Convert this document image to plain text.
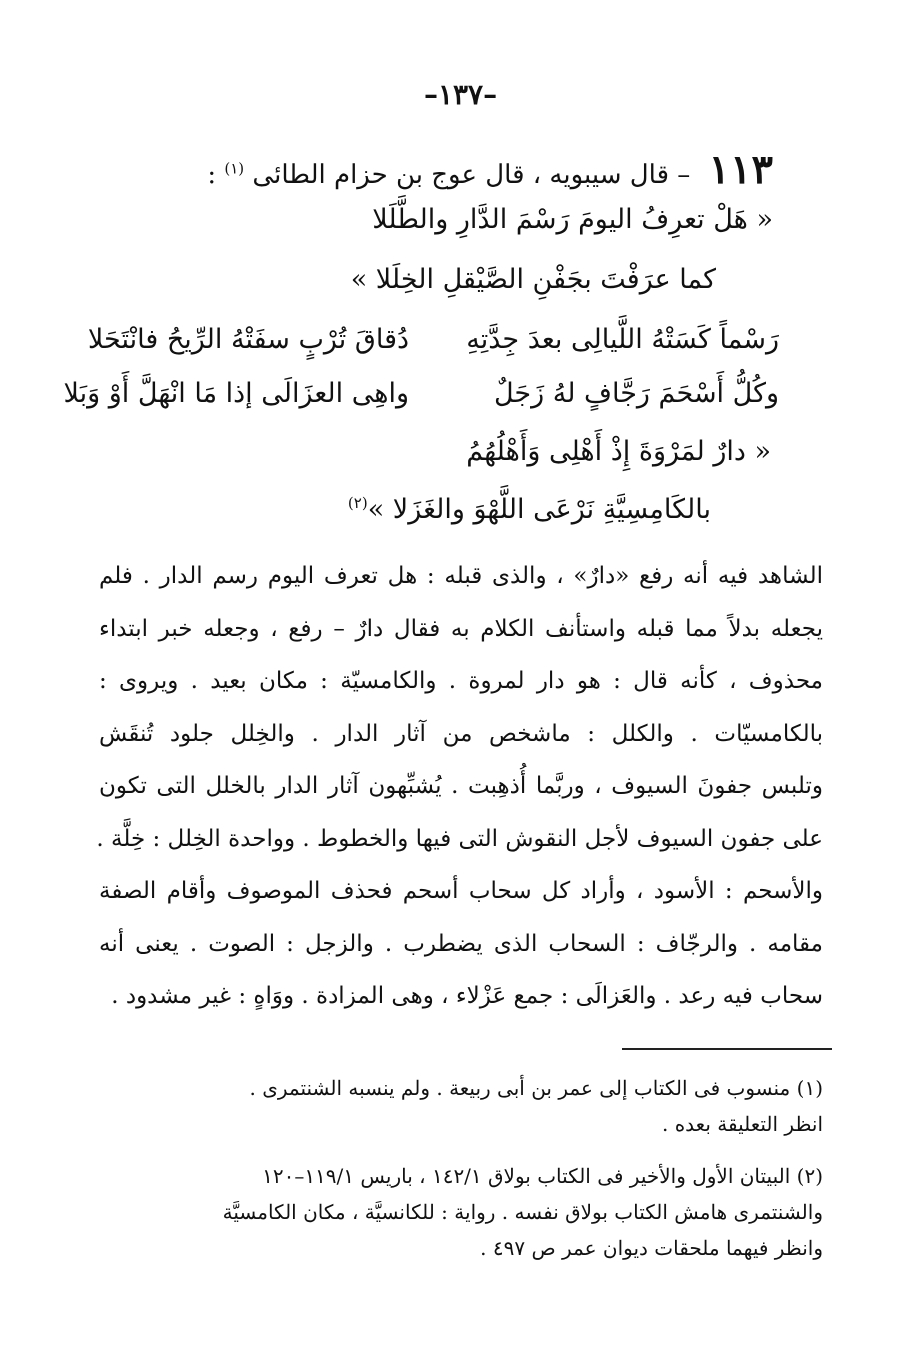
–١٣٧–
١١٣ – قال سيبويه ، قال عوج بن حزام الطائى $^{(١)}$ :
« هَلْ تعرِفُ اليومَ رَسْمَ الدَّارِ والطَّلَلا
كما عرَفْتَ بجَفْنِ الصَّيْقلِ الخِلَلا »
رَسْماً كَسَتْهُ اللَّيالِى بعدَ جِدَّتِهِ
دُقاقَ تُرْبٍ سفَتْهُ الرِّيحُ فانْتَحَلا
وكُلُّ أَسْحَمَ رَجَّافٍ لهُ زَجَلٌ
واهِى العزَالَى إذا مَا انْهَلَّ أَوْ وَبَلا
« دارٌ لمَرْوَةَ إِذْ أَهْلِى وَأَهْلُهُمُ
بالكَامِسِيَّةِ نَرْعَى اللَّهْوَ والغَزَلا »$^{(٢)}$
الشاهد فيه أنه رفع «دارٌ» ، والذى قبله : هل تعرف اليوم رسم الدار . فلم
يجعله بدلاً مما قبله واستأنف الكلام به فقال دارٌ – رفع ، وجعله خبر ابتداء
محذوف ، كأنه قال : هو دار لمروة . والكامسيّة : مكان بعيد . ويروى :
بالكامسيّات . والكلل : ماشخص من آثار الدار . والخِلل جلود تُنقَش
وتلبس جفونَ السيوف ، وربَّما أُذهِبت . يُشبِّهون آثار الدار بالخلل التى تكون
على جفون السيوف لأجل النقوش التى فيها والخطوط . وواحدة الخِلل : خِلَّة .
والأسحم : الأسود ، وأراد كل سحاب أسحم فحذف الموصوف وأقام الصفة
مقامه . والرجّاف : السحاب الذى يضطرب . والزجل : الصوت . يعنى أنه
سحاب فيه رعد . والعَزالَى : جمع عَزْلاء ، وهى المزادة . ووَاهٍ : غير مشدود .
(١) منسوب فى الكتاب إلى عمر بن أبى ربيعة . ولم ينسبه الشنتمرى .
انظر التعليقة بعده .
(٢) البيتان الأول والأخير فى الكتاب بولاق ١٤٢/١ ، باريس ١١٩/١–١٢٠
والشنتمرى هامش الكتاب بولاق نفسه . رواية : للكانسيَّة ، مكان الكامسيَّة
وانظر فيهما ملحقات ديوان عمر ص ٤٩٧ .
